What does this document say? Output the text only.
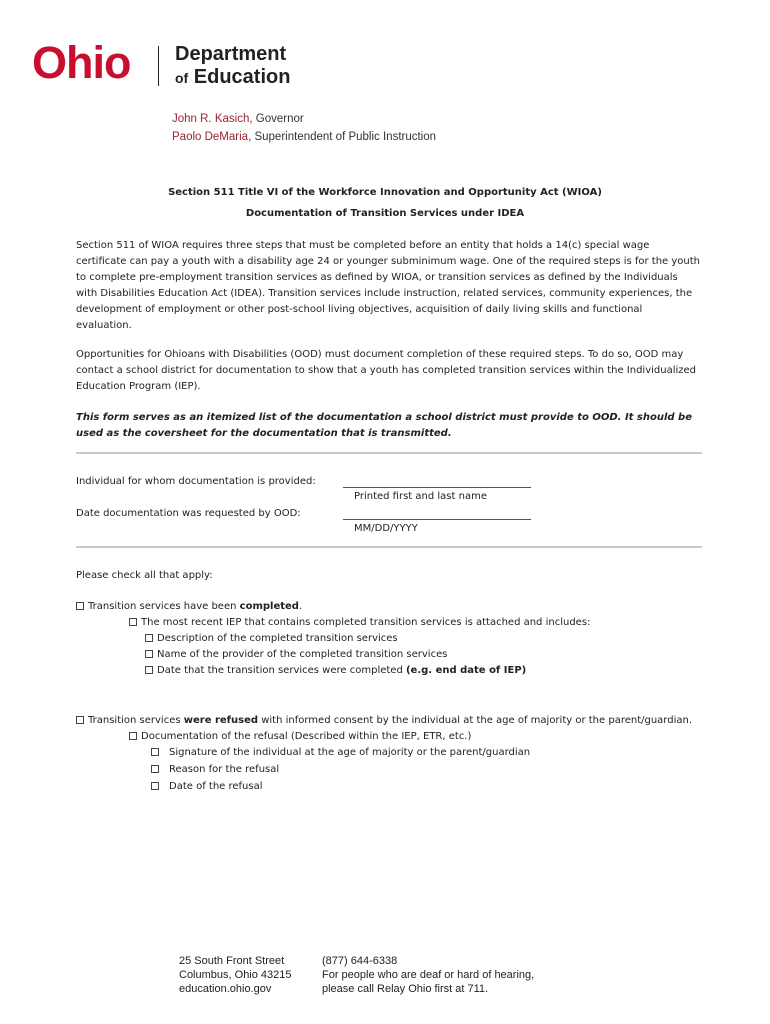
Ohio Department
of Education
John R. Kasich, Governor
Paolo DeMaria, Superintendent of Public Instruction
Section 511 Title VI of the Workforce Innovation and Opportunity Act (WIOA)
Documentation of Transition Services under IDEA
Section 511 of WIOA requires three steps that must be completed before an entity that holds a 14(c) special wage certificate can pay a youth with a disability age 24 or younger subminimum wage. One of the required steps is for the youth to complete pre-employment transition services as defined by WIOA, or transition services as defined by the Individuals with Disabilities Education Act (IDEA). Transition services include instruction, related services, community experiences, the development of employment or other post-school living objectives, acquisition of daily living skills and functional evaluation.
Opportunities for Ohioans with Disabilities (OOD) must document completion of these required steps. To do so, OOD may contact a school district for documentation to show that a youth has completed transition services within the Individualized Education Program (IEP).
This form serves as an itemized list of the documentation a school district must provide to OOD. It should be used as the coversheet for the documentation that is transmitted.
Individual for whom documentation is provided:
Printed first and last name
Date documentation was requested by OOD:
MM/DD/YYYY
Please check all that apply:
Transition services have been completed.
The most recent IEP that contains completed transition services is attached and includes:
Description of the completed transition services
Name of the provider of the completed transition services
Date that the transition services were completed (e.g. end date of IEP)
Transition services were refused with informed consent by the individual at the age of majority or the parent/guardian.
Documentation of the refusal (Described within the IEP, ETR, etc.)
Signature of the individual at the age of majority or the parent/guardian
Reason for the refusal
Date of the refusal
25 South Front Street
Columbus, Ohio 43215
education.ohio.gov
(877) 644-6338
For people who are deaf or hard of hearing,
please call Relay Ohio first at 711.
